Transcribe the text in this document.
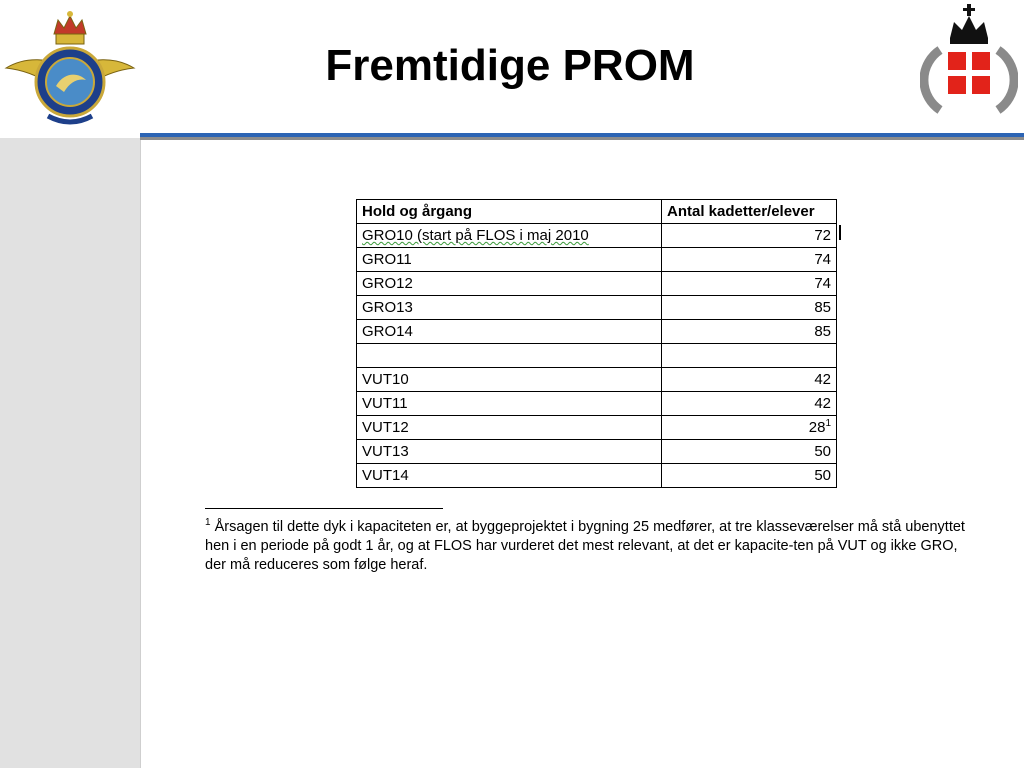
Fremtidige PROM
Hold og årgang	Antal kadetter/elever
GRO10 (start på FLOS i maj 2010	72
GRO11	74
GRO12	74
GRO13	85
GRO14	85

VUT10	42
VUT11	42
VUT12	$28^1$
VUT13	50
VUT14	50
$^1$ Årsagen til dette dyk i kapaciteten er, at byggeprojektet i bygning 25 medfører, at tre klasseværelser må stå ubenyttet hen i en periode på godt 1 år, og at FLOS har vurderet det mest relevant, at det er kapacite-ten på VUT og ikke GRO, der må reduceres som følge heraf.
